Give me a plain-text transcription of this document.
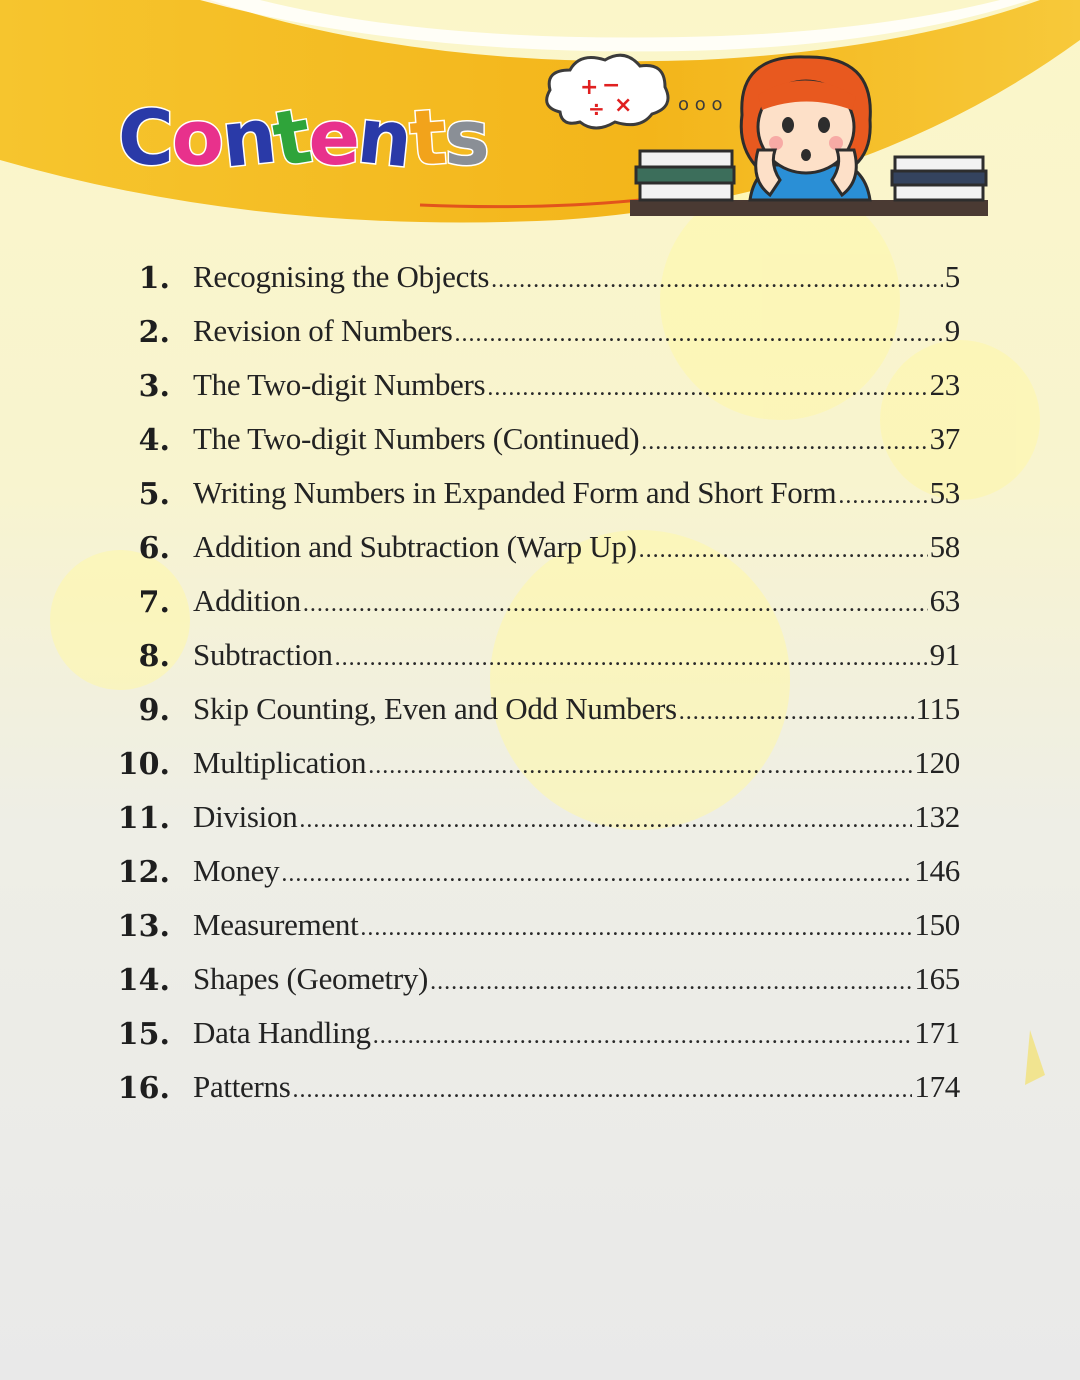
Contents
+ −
÷ ×	o o o
1. Recognising the Objects .....	5
2. Revision of Numbers .....	9
3. The Two-digit Numbers .....	23
4. The Two-digit Numbers (Continued) .....	37
5. Writing Numbers in Expanded Form and Short Form .....	53
6. Addition and Subtraction (Warp Up) .....	58
7. Addition .....	63
8. Subtraction .....	91
9. Skip Counting, Even and Odd Numbers .....	115
10. Multiplication .....	120
11. Division .....	132
12. Money .....	146
13. Measurement .....	150
14. Shapes (Geometry) .....	165
15. Data Handling .....	171
16. Patterns .....	174
